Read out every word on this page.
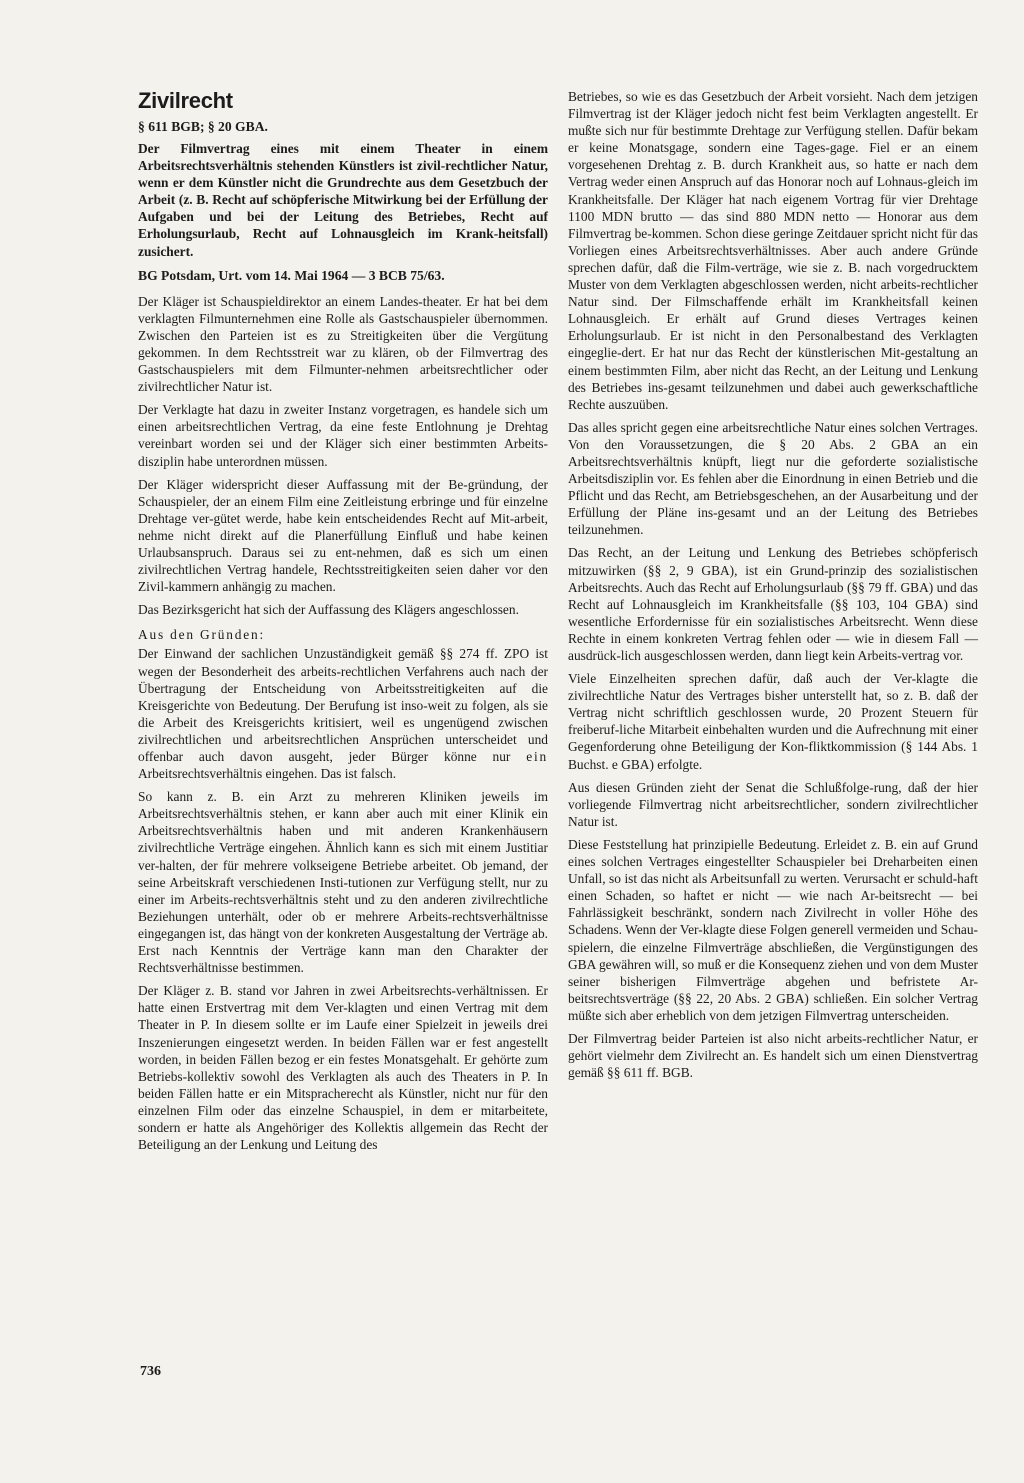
Zivilrecht
§ 611 BGB; § 20 GBA.
Der Filmvertrag eines mit einem Theater in einem Arbeitsrechtsverhältnis stehenden Künstlers ist zivil-rechtlicher Natur, wenn er dem Künstler nicht die Grundrechte aus dem Gesetzbuch der Arbeit (z. B. Recht auf schöpferische Mitwirkung bei der Erfüllung der Aufgaben und bei der Leitung des Betriebes, Recht auf Erholungsurlaub, Recht auf Lohnausgleich im Krank-heitsfall) zusichert.
BG Potsdam, Urt. vom 14. Mai 1964 — 3 BCB 75/63.

Der Kläger ist Schauspieldirektor an einem Landes-theater. Er hat bei dem verklagten Filmunternehmen eine Rolle als Gastschauspieler übernommen. Zwischen den Parteien ist es zu Streitigkeiten über die Vergütung gekommen. In dem Rechtsstreit war zu klären, ob der Filmvertrag des Gastschauspielers mit dem Filmunter-nehmen arbeitsrechtlicher oder zivilrechtlicher Natur ist.

Der Verklagte hat dazu in zweiter Instanz vorgetragen, es handele sich um einen arbeitsrechtlichen Vertrag, da eine feste Entlohnung je Drehtag vereinbart worden sei und der Kläger sich einer bestimmten Arbeits-disziplin habe unterordnen müssen.

Der Kläger widerspricht dieser Auffassung mit der Be-gründung, der Schauspieler, der an einem Film eine Zeitleistung erbringe und für einzelne Drehtage ver-gütet werde, habe kein entscheidendes Recht auf Mit-arbeit, nehme nicht direkt auf die Planerfüllung Einfluß und habe keinen Urlaubsanspruch. Daraus sei zu ent-nehmen, daß es sich um einen zivilrechtlichen Vertrag handele, Rechtsstreitigkeiten seien daher vor den Zivil-kammern anhängig zu machen.

Das Bezirksgericht hat sich der Auffassung des Klägers angeschlossen.

Aus den Gründen:

Der Einwand der sachlichen Unzuständigkeit gemäß §§ 274 ff. ZPO ist wegen der Besonderheit des arbeits-rechtlichen Verfahrens auch nach der Übertragung der Entscheidung von Arbeitsstreitigkeiten auf die Kreisgerichte von Bedeutung. Der Berufung ist inso-weit zu folgen, als sie die Arbeit des Kreisgerichts kritisiert, weil es ungenügend zwischen zivilrechtlichen und arbeitsrechtlichen Ansprüchen unterscheidet und offenbar auch davon ausgeht, jeder Bürger könne nur ein Arbeitsrechtsverhältnis eingehen. Das ist falsch.

So kann z. B. ein Arzt zu mehreren Kliniken jeweils im Arbeitsrechtsverhältnis stehen, er kann aber auch mit einer Klinik ein Arbeitsrechtsverhältnis haben und mit anderen Krankenhäusern zivilrechtliche Verträge eingehen. Ähnlich kann es sich mit einem Justitiar ver-halten, der für mehrere volkseigene Betriebe arbeitet. Ob jemand, der seine Arbeitskraft verschiedenen Insti-tutionen zur Verfügung stellt, nur zu einer im Arbeits-rechtsverhältnis steht und zu den anderen zivilrechtliche Beziehungen unterhält, oder ob er mehrere Arbeits-rechtsverhältnisse eingegangen ist, das hängt von der konkreten Ausgestaltung der Verträge ab. Erst nach Kenntnis der Verträge kann man den Charakter der Rechtsverhältnisse bestimmen.

Der Kläger z. B. stand vor Jahren in zwei Arbeitsrechts-verhältnissen. Er hatte einen Erstvertrag mit dem Ver-klagten und einen Vertrag mit dem Theater in P. In diesem sollte er im Laufe einer Spielzeit in jeweils drei Inszenierungen eingesetzt werden. In beiden Fällen war er fest angestellt worden, in beiden Fällen bezog er ein festes Monatsgehalt. Er gehörte zum Betriebs-kollektiv sowohl des Verklagten als auch des Theaters in P. In beiden Fällen hatte er ein Mitspracherecht als Künstler, nicht nur für den einzelnen Film oder das einzelne Schauspiel, in dem er mitarbeitete, sondern er hatte als Angehöriger des Kollektis allgemein das Recht der Beteiligung an der Lenkung und Leitung des

Betriebes, so wie es das Gesetzbuch der Arbeit vorsieht. Nach dem jetzigen Filmvertrag ist der Kläger jedoch nicht fest beim Verklagten angestellt. Er mußte sich nur für bestimmte Drehtage zur Verfügung stellen. Dafür bekam er keine Monatsgage, sondern eine Tages-gage. Fiel er an einem vorgesehenen Drehtag z. B. durch Krankheit aus, so hatte er nach dem Vertrag weder einen Anspruch auf das Honorar noch auf Lohnaus-gleich im Krankheitsfalle. Der Kläger hat nach eigenem Vortrag für vier Drehtage 1100 MDN brutto — das sind 880 MDN netto — Honorar aus dem Filmvertrag be-kommen. Schon diese geringe Zeitdauer spricht nicht für das Vorliegen eines Arbeitsrechtsverhältnisses. Aber auch andere Gründe sprechen dafür, daß die Film-verträge, wie sie z. B. nach vorgedrucktem Muster von dem Verklagten abgeschlossen werden, nicht arbeits-rechtlicher Natur sind. Der Filmschaffende erhält im Krankheitsfall keinen Lohnausgleich. Er erhält auf Grund dieses Vertrages keinen Erholungsurlaub. Er ist nicht in den Personalbestand des Verklagten eingeglie-dert. Er hat nur das Recht der künstlerischen Mit-gestaltung an einem bestimmten Film, aber nicht das Recht, an der Leitung und Lenkung des Betriebes ins-gesamt teilzunehmen und dabei auch gewerkschaftliche Rechte auszuüben.

Das alles spricht gegen eine arbeitsrechtliche Natur eines solchen Vertrages. Von den Voraussetzungen, die § 20 Abs. 2 GBA an ein Arbeitsrechtsverhältnis knüpft, liegt nur die geforderte sozialistische Arbeitsdisziplin vor. Es fehlen aber die Einordnung in einen Betrieb und die Pflicht und das Recht, am Betriebsgeschehen, an der Ausarbeitung und der Erfüllung der Pläne ins-gesamt und an der Leitung des Betriebes teilzunehmen.

Das Recht, an der Leitung und Lenkung des Betriebes schöpferisch mitzuwirken (§§ 2, 9 GBA), ist ein Grund-prinzip des sozialistischen Arbeitsrechts. Auch das Recht auf Erholungsurlaub (§§ 79 ff. GBA) und das Recht auf Lohnausgleich im Krankheitsfalle (§§ 103, 104 GBA) sind wesentliche Erfordernisse für ein sozialistisches Arbeitsrecht. Wenn diese Rechte in einem konkreten Vertrag fehlen oder — wie in diesem Fall — ausdrück-lich ausgeschlossen werden, dann liegt kein Arbeits-vertrag vor.

Viele Einzelheiten sprechen dafür, daß auch der Ver-klagte die zivilrechtliche Natur des Vertrages bisher unterstellt hat, so z. B. daß der Vertrag nicht schriftlich geschlossen wurde, 20 Prozent Steuern für freiberuf-liche Mitarbeit einbehalten wurden und die Aufrechnung mit einer Gegenforderung ohne Beteiligung der Kon-fliktkommission (§ 144 Abs. 1 Buchst. e GBA) erfolgte.

Aus diesen Gründen zieht der Senat die Schlußfolge-rung, daß der hier vorliegende Filmvertrag nicht arbeitsrechtlicher, sondern zivilrechtlicher Natur ist.

Diese Feststellung hat prinzipielle Bedeutung. Erleidet z. B. ein auf Grund eines solchen Vertrages eingestellter Schauspieler bei Dreharbeiten einen Unfall, so ist das nicht als Arbeitsunfall zu werten. Verursacht er schuld-haft einen Schaden, so haftet er nicht — wie nach Ar-beitsrecht — bei Fahrlässigkeit beschränkt, sondern nach Zivilrecht in voller Höhe des Schadens. Wenn der Ver-klagte diese Folgen generell vermeiden und Schau-spielern, die einzelne Filmverträge abschließen, die Vergünstigungen des GBA gewähren will, so muß er die Konsequenz ziehen und von dem Muster seiner bisherigen Filmverträge abgehen und befristete Ar-beitsrechtsverträge (§§ 22, 20 Abs. 2 GBA) schließen. Ein solcher Vertrag müßte sich aber erheblich von dem jetzigen Filmvertrag unterscheiden.

Der Filmvertrag beider Parteien ist also nicht arbeits-rechtlicher Natur, er gehört vielmehr dem Zivilrecht an. Es handelt sich um einen Dienstvertrag gemäß §§ 611 ff. BGB.

736
